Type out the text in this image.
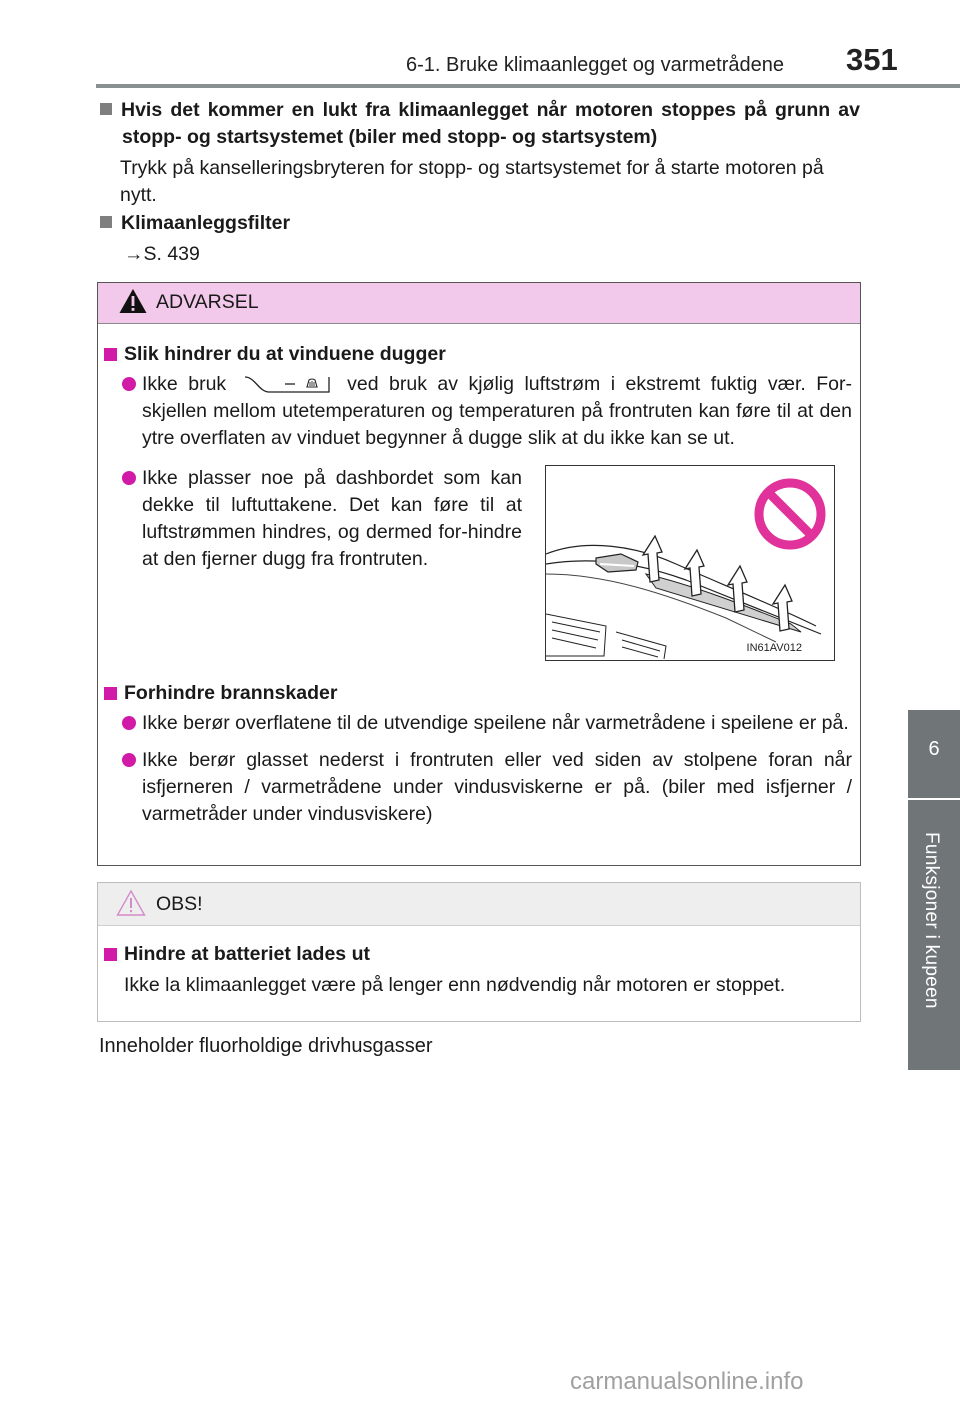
6-1. Bruke klimaanlegget og varmetrådene 351
6
Funksjoner i kupeen
Hvis det kommer en lukt fra klimaanlegget når motoren stoppes på grunn av stopp- og startsystemet (biler med stopp- og startsystem)
Trykk på kanselleringsbryteren for stopp- og startsystemet for å starte motoren på nytt.
Klimaanleggsfilter
→S. 439
ADVARSEL
Slik hindrer du at vinduene dugger
Ikke bruk	ved bruk av kjølig luftstrøm i ekstremt fuktig vær. For-skjellen mellom utetemperaturen og temperaturen på frontruten kan føre til at den ytre overflaten av vinduet begynner å dugge slik at du ikke kan se ut.
Ikke plasser noe på dashbordet som kan dekke til luftuttakene. Det kan føre til at luftstrømmen hindres, og dermed for-hindre at den fjerner dugg fra frontruten.
Forhindre brannskader
Ikke berør overflatene til de utvendige speilene når varmetrådene i speilene er på.
Ikke berør glasset nederst i frontruten eller ved siden av stolpene foran når isfjerneren / varmetrådene under vindusviskerne er på. (biler med isfjerner / varmetråder under vindusviskere)
IN61AV012
OBS!
Hindre at batteriet lades ut
Ikke la klimaanlegget være på lenger enn nødvendig når motoren er stoppet.
Inneholder fluorholdige drivhusgasser
carmanualsonline.info
